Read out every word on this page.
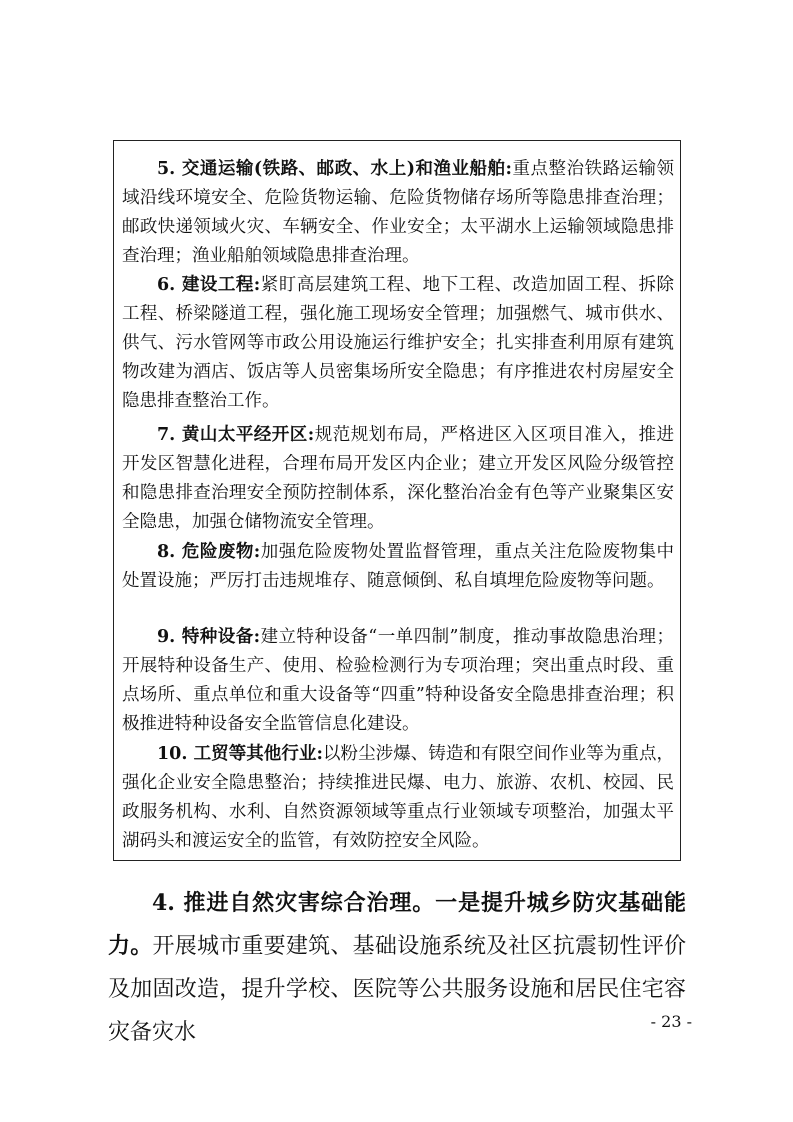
5. 交通运输(铁路、邮政、水上)和渔业船舶:重点整治铁路运输领域沿线环境安全、危险货物运输、危险货物储存场所等隐患排查治理；邮政快递领域火灾、车辆安全、作业安全；太平湖水上运输领域隐患排查治理；渔业船舶领域隐患排查治理。
6. 建设工程:紧盯高层建筑工程、地下工程、改造加固工程、拆除工程、桥梁隧道工程，强化施工现场安全管理；加强燃气、城市供水、供气、污水管网等市政公用设施运行维护安全；扎实排查利用原有建筑物改建为酒店、饭店等人员密集场所安全隐患；有序推进农村房屋安全隐患排查整治工作。
7. 黄山太平经开区:规范规划布局，严格进区入区项目准入，推进开发区智慧化进程，合理布局开发区内企业；建立开发区风险分级管控和隐患排查治理安全预防控制体系，深化整治冶金有色等产业聚集区安全隐患，加强仓储物流安全管理。
8. 危险废物:加强危险废物处置监督管理，重点关注危险废物集中处置设施；严厉打击违规堆存、随意倾倒、私自填埋危险废物等问题。
9. 特种设备:建立特种设备“一单四制”制度，推动事故隐患治理；开展特种设备生产、使用、检验检测行为专项治理；突出重点时段、重点场所、重点单位和重大设备等“四重”特种设备安全隐患排查治理；积极推进特种设备安全监管信息化建设。
10. 工贸等其他行业:以粉尘涉爆、铸造和有限空间作业等为重点，强化企业安全隐患整治；持续推进民爆、电力、旅游、农机、校园、民政服务机构、水利、自然资源领域等重点行业领域专项整治，加强太平湖码头和渡运安全的监管，有效防控安全风险。
4. 推进自然灾害综合治理。一是提升城乡防灾基础能力。开展城市重要建筑、基础设施系统及社区抗震韧性评价及加固改造，提升学校、医院等公共服务设施和居民住宅容灾备灾水	- 23 -
